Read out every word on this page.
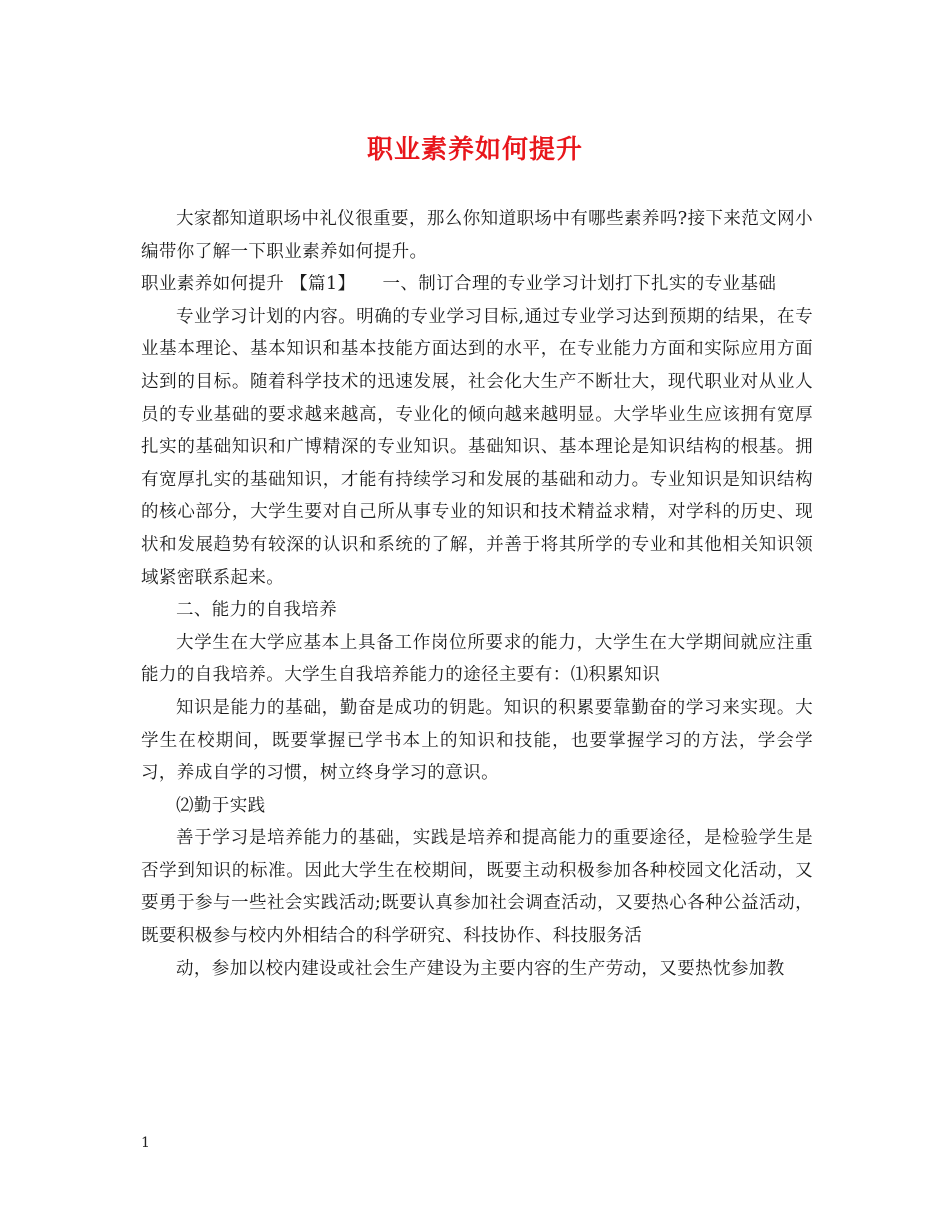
职业素养如何提升

大家都知道职场中礼仪很重要，那么你知道职场中有哪些素养吗?接下来范文网小编带你了解一下职业素养如何提升。

职业素养如何提升 【篇1】　　一、制订合理的专业学习计划打下扎实的专业基础

专业学习计划的内容。明确的专业学习目标,通过专业学习达到预期的结果，在专业基本理论、基本知识和基本技能方面达到的水平，在专业能力方面和实际应用方面达到的目标。随着科学技术的迅速发展，社会化大生产不断壮大，现代职业对从业人员的专业基础的要求越来越高，专业化的倾向越来越明显。大学毕业生应该拥有宽厚扎实的基础知识和广博精深的专业知识。基础知识、基本理论是知识结构的根基。拥有宽厚扎实的基础知识，才能有持续学习和发展的基础和动力。专业知识是知识结构的核心部分，大学生要对自己所从事专业的知识和技术精益求精，对学科的历史、现状和发展趋势有较深的认识和系统的了解，并善于将其所学的专业和其他相关知识领域紧密联系起来。

二、能力的自我培养

大学生在大学应基本上具备工作岗位所要求的能力，大学生在大学期间就应注重能力的自我培养。大学生自我培养能力的途径主要有：⑴积累知识

知识是能力的基础，勤奋是成功的钥匙。知识的积累要靠勤奋的学习来实现。大学生在校期间，既要掌握已学书本上的知识和技能，也要掌握学习的方法，学会学习，养成自学的习惯，树立终身学习的意识。

⑵勤于实践

善于学习是培养能力的基础，实践是培养和提高能力的重要途径，是检验学生是否学到知识的标准。因此大学生在校期间，既要主动积极参加各种校园文化活动，又要勇于参与一些社会实践活动;既要认真参加社会调查活动，又要热心各种公益活动，既要积极参与校内外相结合的科学研究、科技协作、科技服务活

动，参加以校内建设或社会生产建设为主要内容的生产劳动，又要热忱参加教

1
